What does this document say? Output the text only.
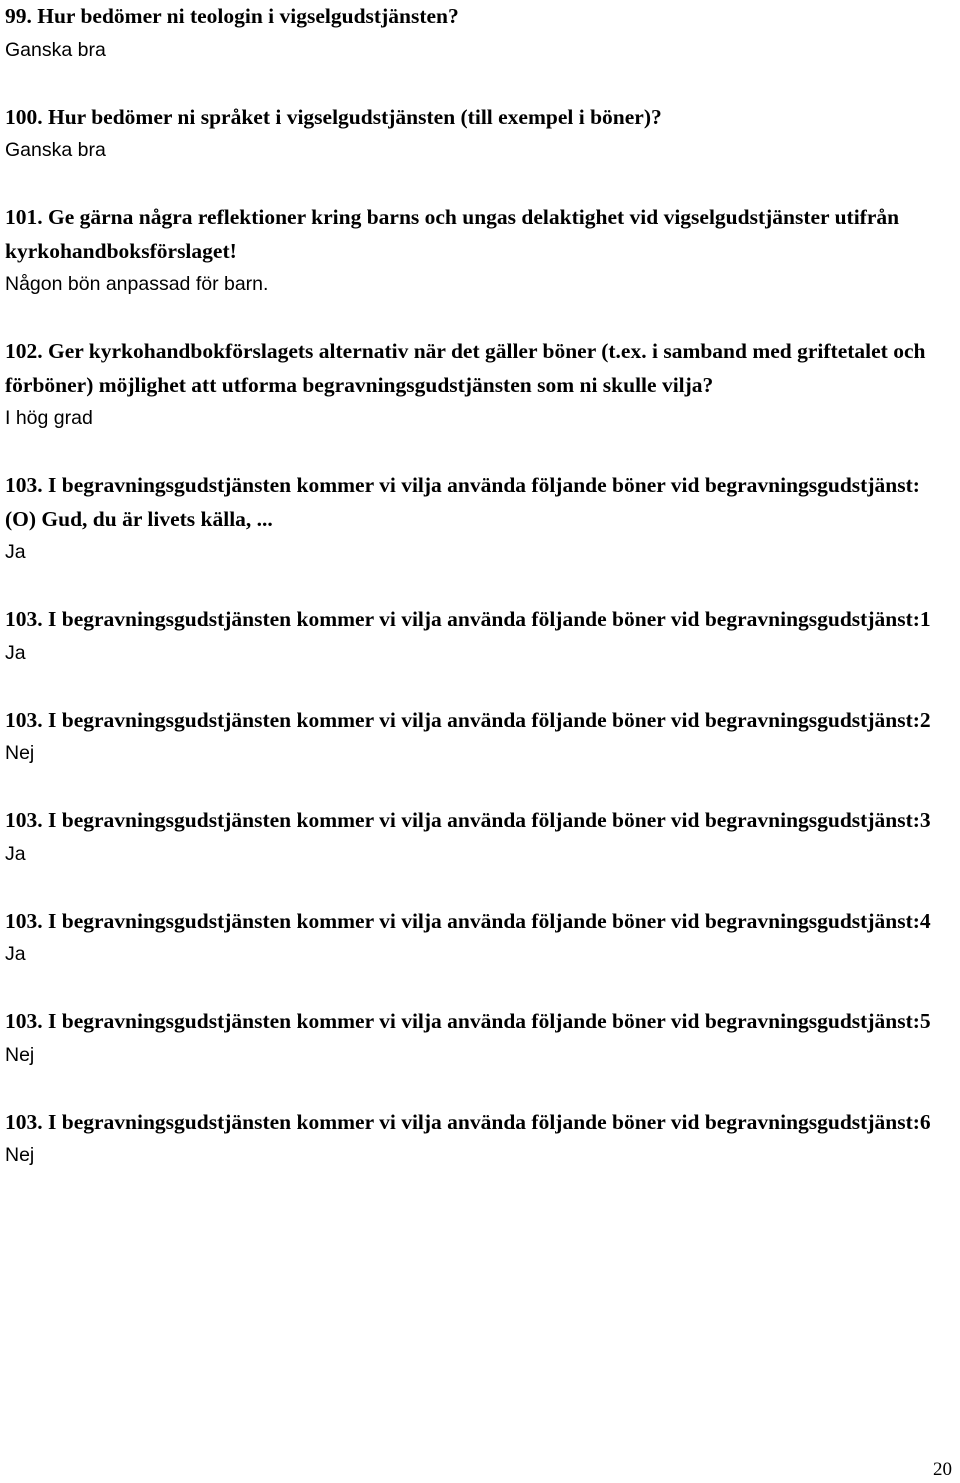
99. Hur bedömer ni teologin i vigselgudstjänsten?

Ganska bra

100. Hur bedömer ni språket i vigselgudstjänsten (till exempel i böner)?

Ganska bra

101. Ge gärna några reflektioner kring barns och ungas delaktighet vid vigselgudstjänster utifrån kyrkohandboksförslaget!

Någon bön anpassad för barn.

102. Ger kyrkohandbokförslagets alternativ när det gäller böner (t.ex. i samband med griftetalet och förböner) möjlighet att utforma begravningsgudstjänsten som ni skulle vilja?

I hög grad

103. I begravningsgudstjänsten kommer vi vilja använda följande böner vid begravningsgudstjänst:(O) Gud, du är livets källa, ...

Ja

103. I begravningsgudstjänsten kommer vi vilja använda följande böner vid begravningsgudstjänst:1

Ja

103. I begravningsgudstjänsten kommer vi vilja använda följande böner vid begravningsgudstjänst:2

Nej

103. I begravningsgudstjänsten kommer vi vilja använda följande böner vid begravningsgudstjänst:3

Ja

103. I begravningsgudstjänsten kommer vi vilja använda följande böner vid begravningsgudstjänst:4

Ja

103. I begravningsgudstjänsten kommer vi vilja använda följande böner vid begravningsgudstjänst:5

Nej

103. I begravningsgudstjänsten kommer vi vilja använda följande böner vid begravningsgudstjänst:6

Nej

20
